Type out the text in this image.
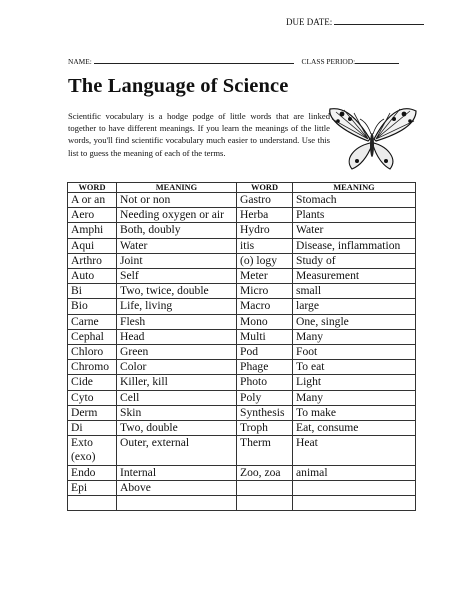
DUE DATE:
NAME:	CLASS PERIOD:
The Language of Science

Scientific vocabulary is a hodge podge of little words that are linked together to have different meanings. If you learn the meanings of the little words, you'll find scientific vocabulary much easier to understand. Use this list to guess the meaning of each of the terms.

WORD	MEANING	WORD	MEANING
A or an	Not or non	Gastro	Stomach
Aero	Needing oxygen or air	Herba	Plants
Amphi	Both, doubly	Hydro	Water
Aqui	Water	itis	Disease, inflammation
Arthro	Joint	(o) logy	Study of
Auto	Self	Meter	Measurement
Bi	Two, twice, double	Micro	small
Bio	Life, living	Macro	large
Carne	Flesh	Mono	One, single
Cephal	Head	Multi	Many
Chloro	Green	Pod	Foot
Chromo	Color	Phage	To eat
Cide	Killer, kill	Photo	Light
Cyto	Cell	Poly	Many
Derm	Skin	Synthesis	To make
Di	Two, double	Troph	Eat, consume
Exto (exo)	Outer, external	Therm	Heat
Endo	Internal	Zoo, zoa	animal
Epi	Above		
